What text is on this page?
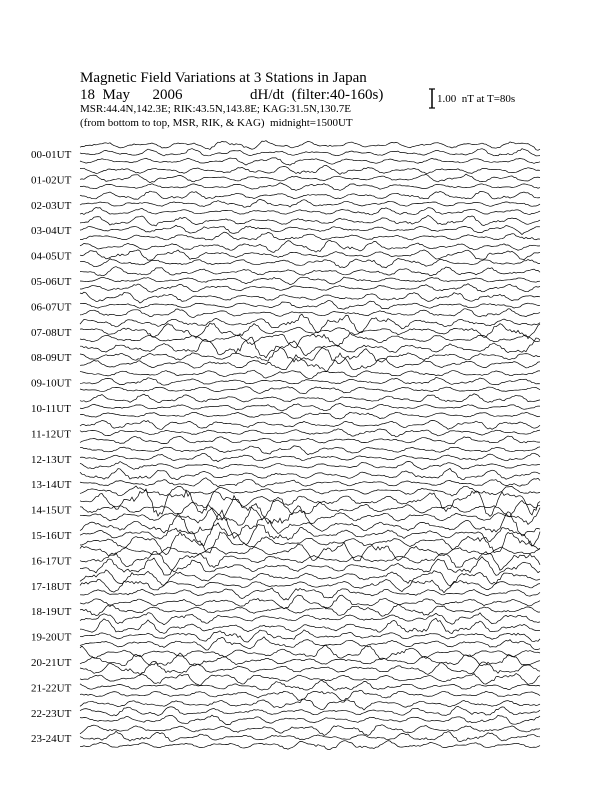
Magnetic Field Variations at 3 Stations in Japan
18  May      2006	dH/dt  (filter:40-160s)
MSR:44.4N,142.3E; RIK:43.5N,143.8E; KAG:31.5N,130.7E
(from bottom to top, MSR, RIK, & KAG)  midnight=1500UT
1.00  nT at T=80s
00-01UT
01-02UT
02-03UT
03-04UT
04-05UT
05-06UT
06-07UT
07-08UT
08-09UT
09-10UT
10-11UT
11-12UT
12-13UT
13-14UT
14-15UT
15-16UT
16-17UT
17-18UT
18-19UT
19-20UT
20-21UT
21-22UT
22-23UT
23-24UT
